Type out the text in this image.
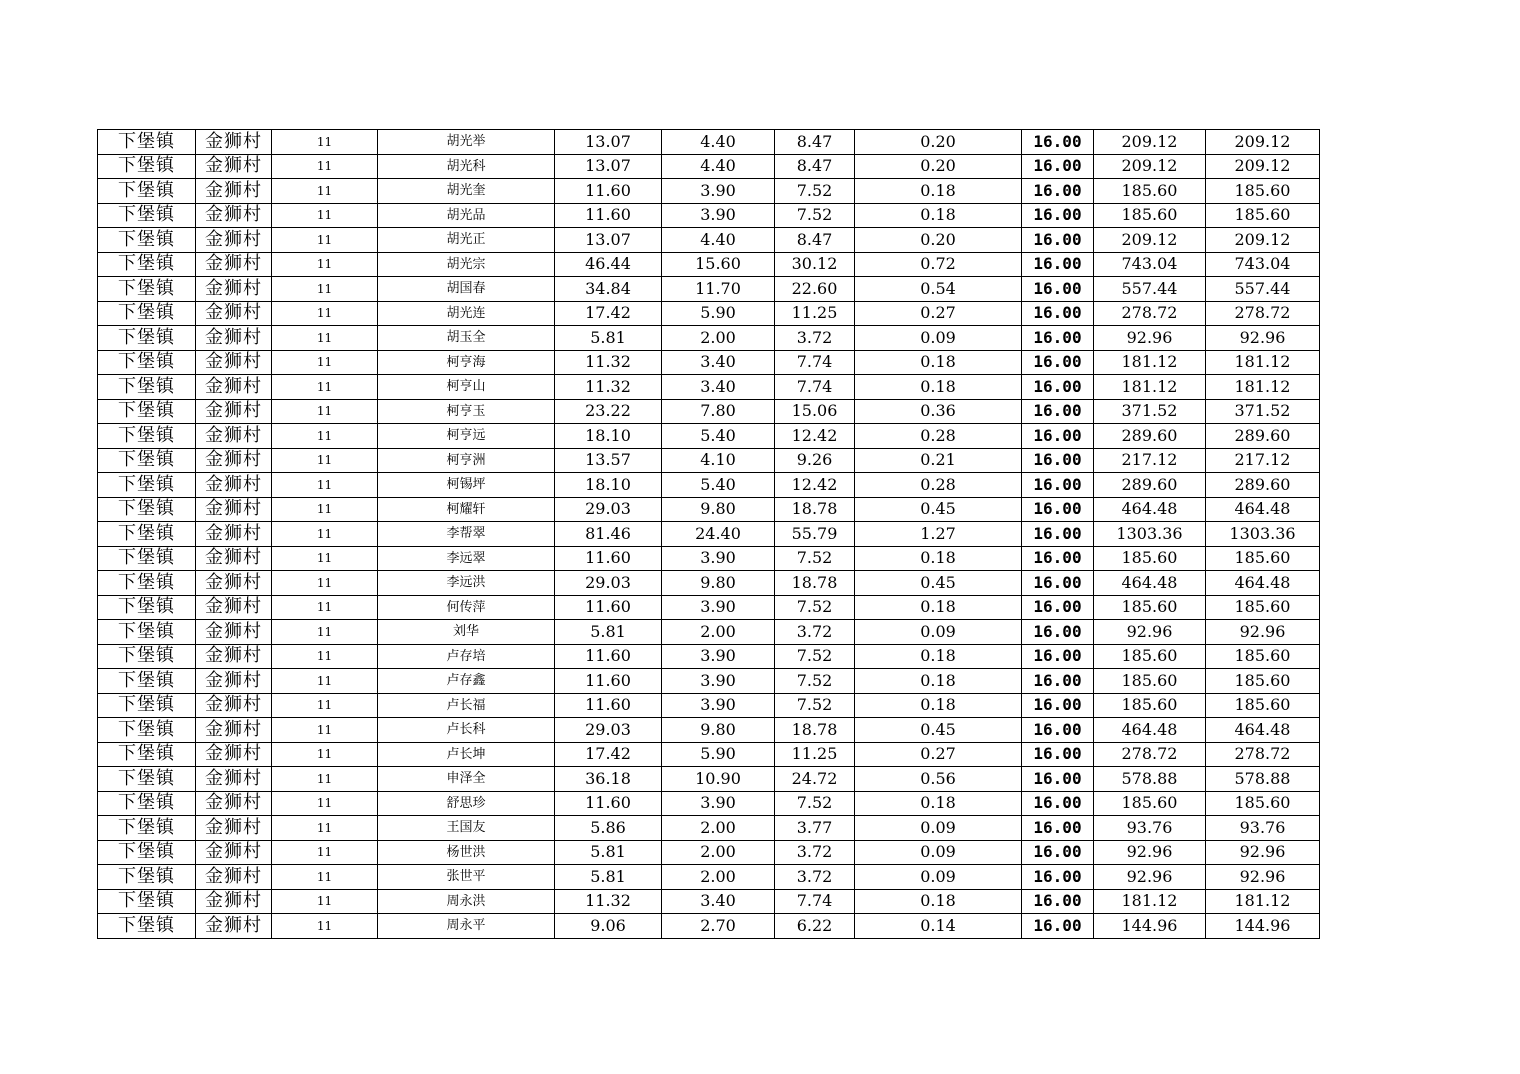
下堡镇	金狮村	11	胡光举	13.07	4.40	8.47	0.20	16.00	209.12	209.12
下堡镇	金狮村	11	胡光科	13.07	4.40	8.47	0.20	16.00	209.12	209.12
下堡镇	金狮村	11	胡光奎	11.60	3.90	7.52	0.18	16.00	185.60	185.60
下堡镇	金狮村	11	胡光品	11.60	3.90	7.52	0.18	16.00	185.60	185.60
下堡镇	金狮村	11	胡光正	13.07	4.40	8.47	0.20	16.00	209.12	209.12
下堡镇	金狮村	11	胡光宗	46.44	15.60	30.12	0.72	16.00	743.04	743.04
下堡镇	金狮村	11	胡国春	34.84	11.70	22.60	0.54	16.00	557.44	557.44
下堡镇	金狮村	11	胡光连	17.42	5.90	11.25	0.27	16.00	278.72	278.72
下堡镇	金狮村	11	胡玉全	5.81	2.00	3.72	0.09	16.00	92.96	92.96
下堡镇	金狮村	11	柯亨海	11.32	3.40	7.74	0.18	16.00	181.12	181.12
下堡镇	金狮村	11	柯亨山	11.32	3.40	7.74	0.18	16.00	181.12	181.12
下堡镇	金狮村	11	柯亨玉	23.22	7.80	15.06	0.36	16.00	371.52	371.52
下堡镇	金狮村	11	柯亨远	18.10	5.40	12.42	0.28	16.00	289.60	289.60
下堡镇	金狮村	11	柯亨洲	13.57	4.10	9.26	0.21	16.00	217.12	217.12
下堡镇	金狮村	11	柯锡坪	18.10	5.40	12.42	0.28	16.00	289.60	289.60
下堡镇	金狮村	11	柯耀轩	29.03	9.80	18.78	0.45	16.00	464.48	464.48
下堡镇	金狮村	11	李帮翠	81.46	24.40	55.79	1.27	16.00	1303.36	1303.36
下堡镇	金狮村	11	李远翠	11.60	3.90	7.52	0.18	16.00	185.60	185.60
下堡镇	金狮村	11	李远洪	29.03	9.80	18.78	0.45	16.00	464.48	464.48
下堡镇	金狮村	11	何传萍	11.60	3.90	7.52	0.18	16.00	185.60	185.60
下堡镇	金狮村	11	刘华	5.81	2.00	3.72	0.09	16.00	92.96	92.96
下堡镇	金狮村	11	卢存培	11.60	3.90	7.52	0.18	16.00	185.60	185.60
下堡镇	金狮村	11	卢存鑫	11.60	3.90	7.52	0.18	16.00	185.60	185.60
下堡镇	金狮村	11	卢长福	11.60	3.90	7.52	0.18	16.00	185.60	185.60
下堡镇	金狮村	11	卢长科	29.03	9.80	18.78	0.45	16.00	464.48	464.48
下堡镇	金狮村	11	卢长坤	17.42	5.90	11.25	0.27	16.00	278.72	278.72
下堡镇	金狮村	11	申泽全	36.18	10.90	24.72	0.56	16.00	578.88	578.88
下堡镇	金狮村	11	舒思珍	11.60	3.90	7.52	0.18	16.00	185.60	185.60
下堡镇	金狮村	11	王国友	5.86	2.00	3.77	0.09	16.00	93.76	93.76
下堡镇	金狮村	11	杨世洪	5.81	2.00	3.72	0.09	16.00	92.96	92.96
下堡镇	金狮村	11	张世平	5.81	2.00	3.72	0.09	16.00	92.96	92.96
下堡镇	金狮村	11	周永洪	11.32	3.40	7.74	0.18	16.00	181.12	181.12
下堡镇	金狮村	11	周永平	9.06	2.70	6.22	0.14	16.00	144.96	144.96
